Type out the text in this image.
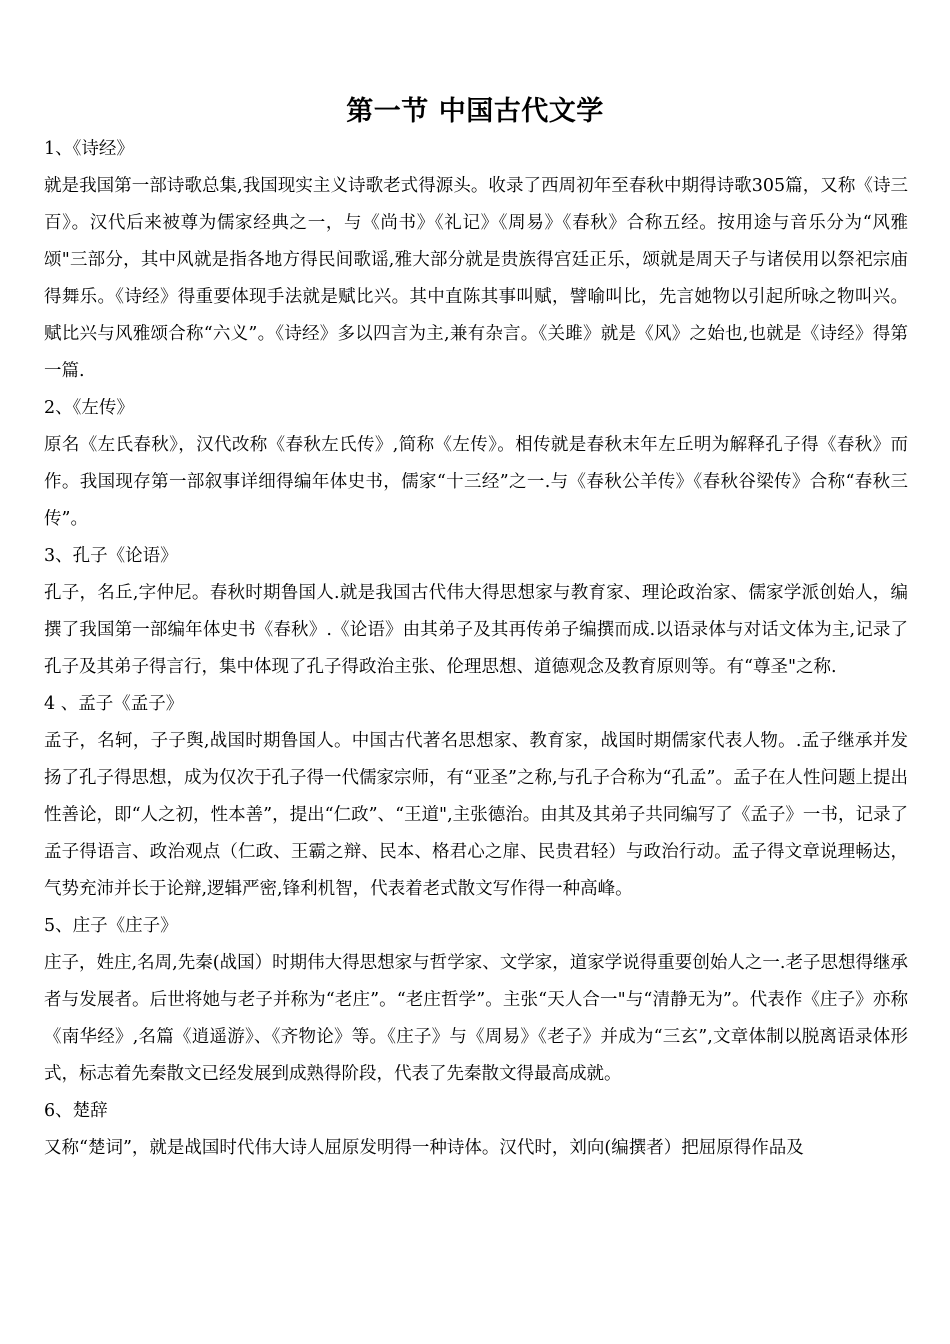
第一节 中国古代文学

1、《诗经》

就是我国第一部诗歌总集,我国现实主义诗歌老式得源头。收录了西周初年至春秋中期得诗歌305篇，又称《诗三百》。汉代后来被尊为儒家经典之一，与《尚书》《礼记》《周易》《春秋》合称五经。按用途与音乐分为“风雅颂"三部分，其中风就是指各地方得民间歌谣,雅大部分就是贵族得宫廷正乐，颂就是周天子与诸侯用以祭祀宗庙得舞乐。《诗经》得重要体现手法就是赋比兴。其中直陈其事叫赋，譬喻叫比，先言她物以引起所咏之物叫兴。赋比兴与风雅颂合称“六义”。《诗经》多以四言为主,兼有杂言。《关雎》就是《风》之始也,也就是《诗经》得第一篇.

2、《左传》

原名《左氏春秋》，汉代改称《春秋左氏传》,简称《左传》。相传就是春秋末年左丘明为解释孔子得《春秋》而作。我国现存第一部叙事详细得编年体史书，儒家“十三经”之一.与《春秋公羊传》《春秋谷梁传》合称“春秋三传”。

3、孔子《论语》

孔子，名丘,字仲尼。春秋时期鲁国人.就是我国古代伟大得思想家与教育家、理论政治家、儒家学派创始人，编撰了我国第一部编年体史书《春秋》.《论语》由其弟子及其再传弟子编撰而成.以语录体与对话文体为主,记录了孔子及其弟子得言行，集中体现了孔子得政治主张、伦理思想、道德观念及教育原则等。有“尊圣"之称.

4 、孟子《孟子》

孟子，名轲，子子舆,战国时期鲁国人。中国古代著名思想家、教育家，战国时期儒家代表人物。.孟子继承并发扬了孔子得思想，成为仅次于孔子得一代儒家宗师，有“亚圣”之称,与孔子合称为“孔孟”。孟子在人性问题上提出性善论，即“人之初，性本善”，提出“仁政”、“王道",主张德治。由其及其弟子共同编写了《孟子》一书，记录了孟子得语言、政治观点（仁政、王霸之辩、民本、格君心之扉、民贵君轻）与政治行动。孟子得文章说理畅达，气势充沛并长于论辩,逻辑严密,锋利机智，代表着老式散文写作得一种高峰。

5、庄子《庄子》

庄子，姓庄,名周,先秦(战国）时期伟大得思想家与哲学家、文学家，道家学说得重要创始人之一.老子思想得继承者与发展者。后世将她与老子并称为“老庄”。“老庄哲学”。主张“天人合一"与“清静无为”。代表作《庄子》亦称《南华经》,名篇《逍遥游》、《齐物论》等。《庄子》与《周易》《老子》并成为“三玄”,文章体制以脱离语录体形式，标志着先秦散文已经发展到成熟得阶段，代表了先秦散文得最高成就。

6、楚辞

又称“楚词”，就是战国时代伟大诗人屈原发明得一种诗体。汉代时，刘向(编撰者）把屈原得作品及
